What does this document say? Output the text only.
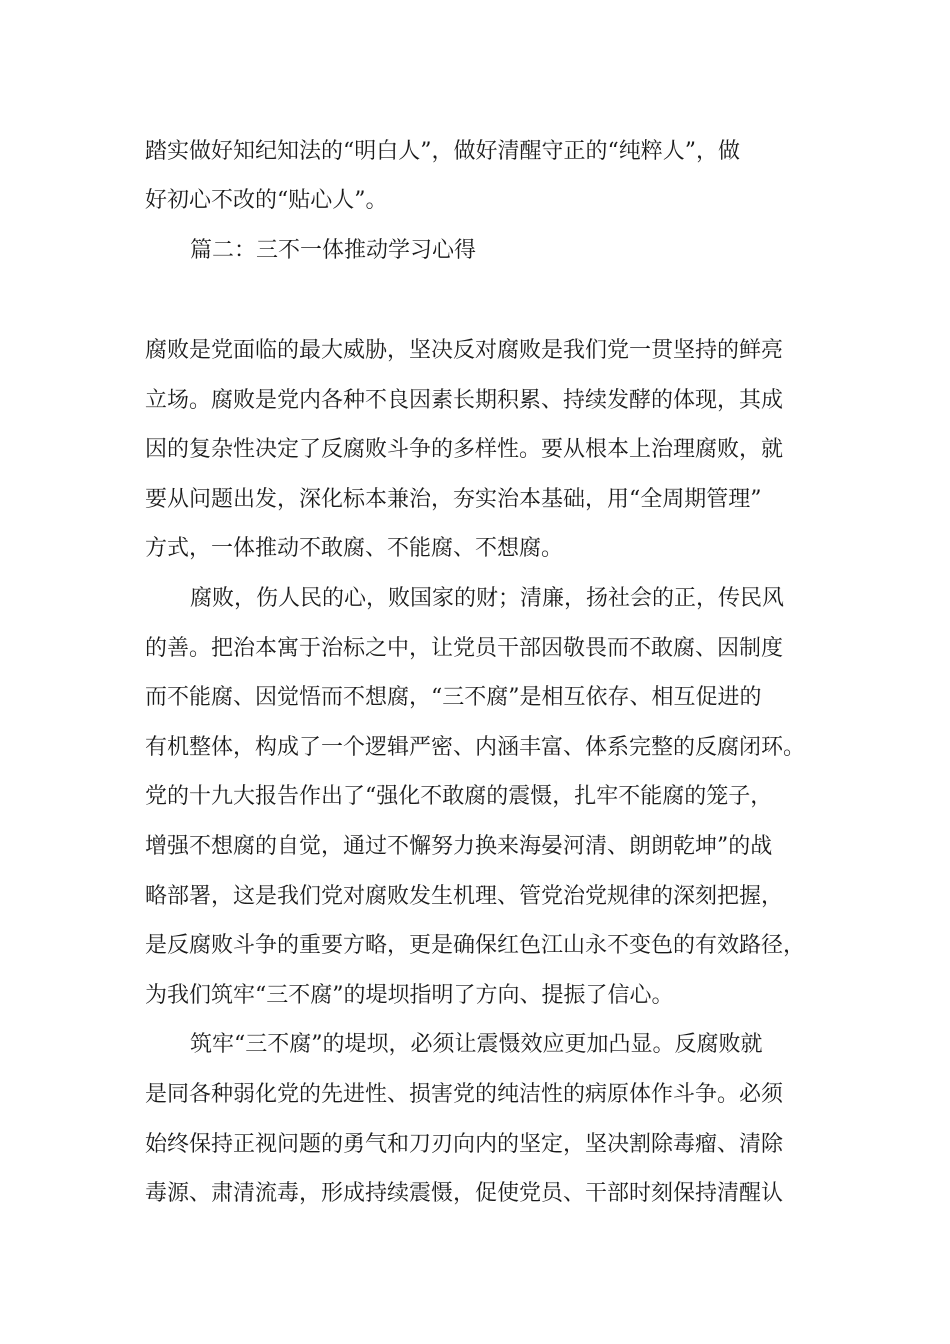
踏实做好知纪知法的“明白人”，做好清醒守正的“纯粹人”，做
好初心不改的“贴心人”。
篇二：三不一体推动学习心得
腐败是党面临的最大威胁，坚决反对腐败是我们党一贯坚持的鲜亮
立场。腐败是党内各种不良因素长期积累、持续发酵的体现，其成
因的复杂性决定了反腐败斗争的多样性。要从根本上治理腐败，就
要从问题出发，深化标本兼治，夯实治本基础，用“全周期管理”
方式，一体推动不敢腐、不能腐、不想腐。
腐败，伤人民的心，败国家的财；清廉，扬社会的正，传民风
的善。把治本寓于治标之中，让党员干部因敬畏而不敢腐、因制度
而不能腐、因觉悟而不想腐，“三不腐”是相互依存、相互促进的
有机整体，构成了一个逻辑严密、内涵丰富、体系完整的反腐闭环。
党的十九大报告作出了“强化不敢腐的震慑，扎牢不能腐的笼子，
增强不想腐的自觉，通过不懈努力换来海晏河清、朗朗乾坤”的战
略部署，这是我们党对腐败发生机理、管党治党规律的深刻把握，
是反腐败斗争的重要方略，更是确保红色江山永不变色的有效路径，
为我们筑牢“三不腐”的堤坝指明了方向、提振了信心。
筑牢“三不腐”的堤坝，必须让震慑效应更加凸显。反腐败就
是同各种弱化党的先进性、损害党的纯洁性的病原体作斗争。必须
始终保持正视问题的勇气和刀刃向内的坚定，坚决割除毒瘤、清除
毒源、肃清流毒，形成持续震慑，促使党员、干部时刻保持清醒认
